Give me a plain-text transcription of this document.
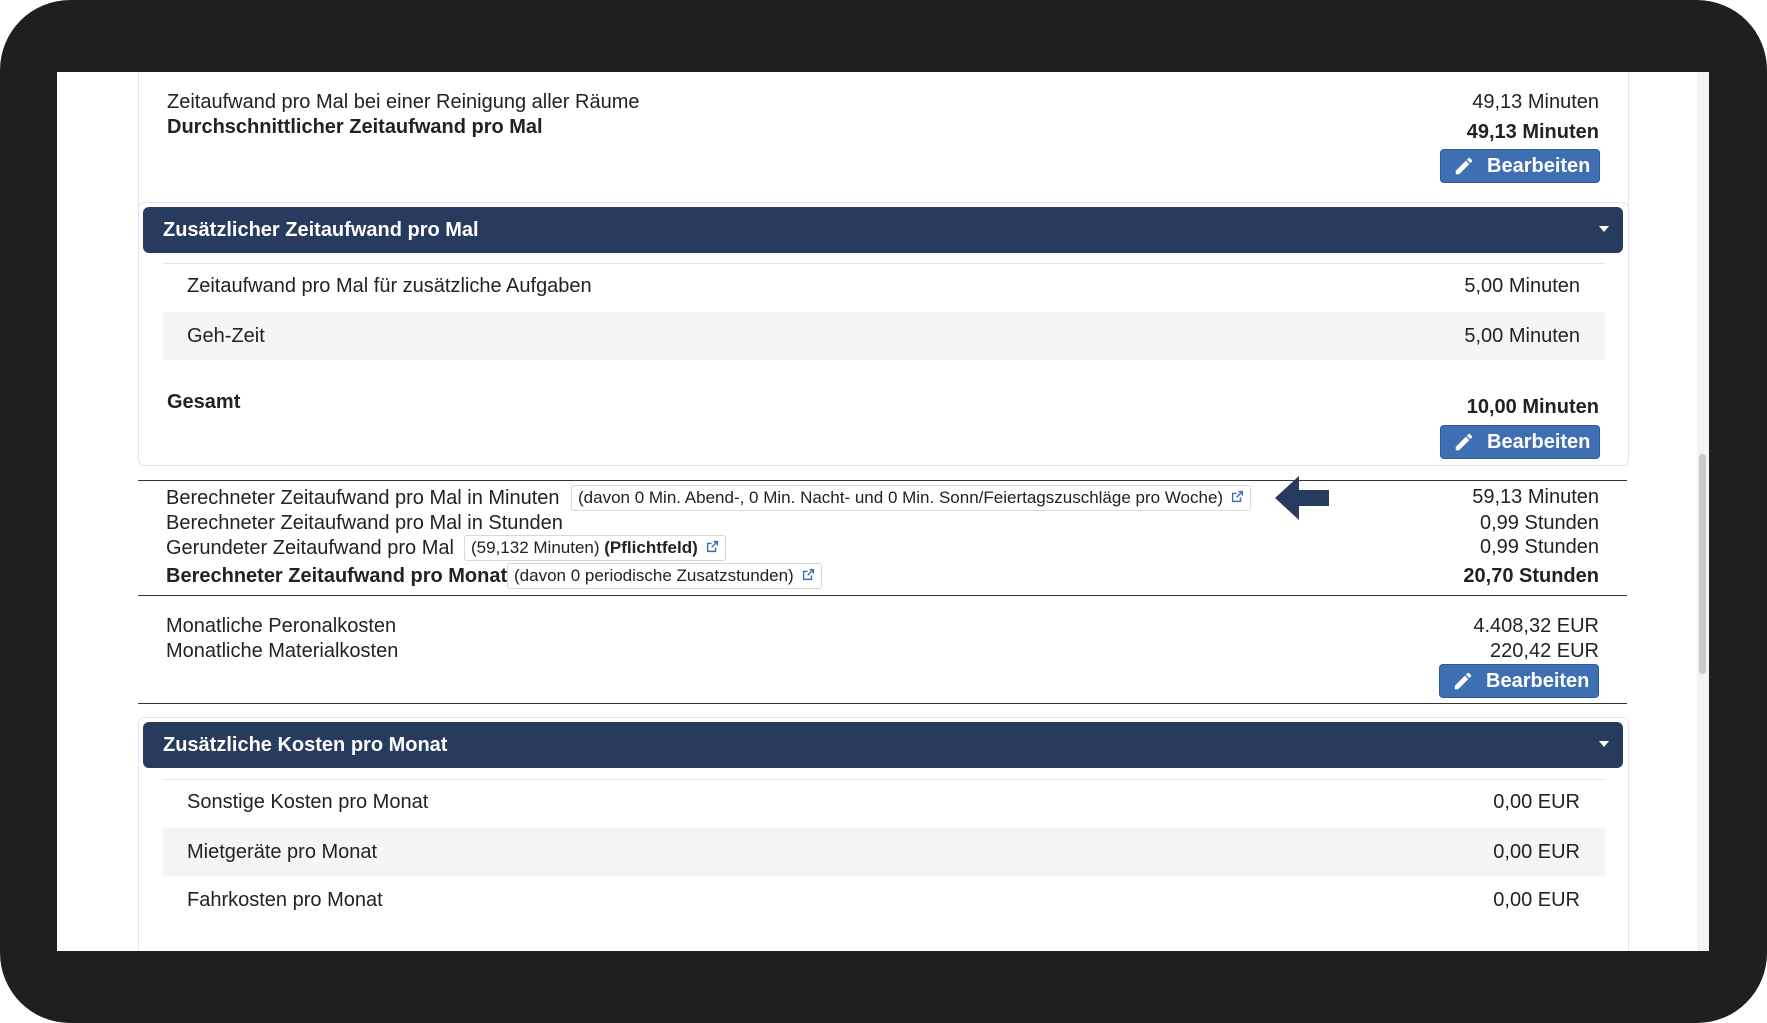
Zeitaufwand pro Mal bei einer Reinigung aller Räume	49,13 Minuten
Durchschnittlicher Zeitaufwand pro Mal	49,13 Minuten
Bearbeiten
Zusätzlicher Zeitaufwand pro Mal
Zeitaufwand pro Mal für zusätzliche Aufgaben	5,00 Minuten
Geh-Zeit	5,00 Minuten
Gesamt	10,00 Minuten
Bearbeiten
Berechneter Zeitaufwand pro Mal in Minuten	(davon 0 Min. Abend-, 0 Min. Nacht- und 0 Min. Sonn/Feiertagszuschläge pro Woche)	59,13 Minuten
Berechneter Zeitaufwand pro Mal in Stunden	0,99 Stunden
Gerundeter Zeitaufwand pro Mal	(59,132 Minuten) (Pflichtfeld)	0,99 Stunden
Berechneter Zeitaufwand pro Monat (davon 0 periodische Zusatzstunden)	20,70 Stunden
Monatliche Peronalkosten	4.408,32 EUR
Monatliche Materialkosten	220,42 EUR
Bearbeiten
Zusätzliche Kosten pro Monat
Sonstige Kosten pro Monat	0,00 EUR
Mietgeräte pro Monat	0,00 EUR
Fahrkosten pro Monat	0,00 EUR
